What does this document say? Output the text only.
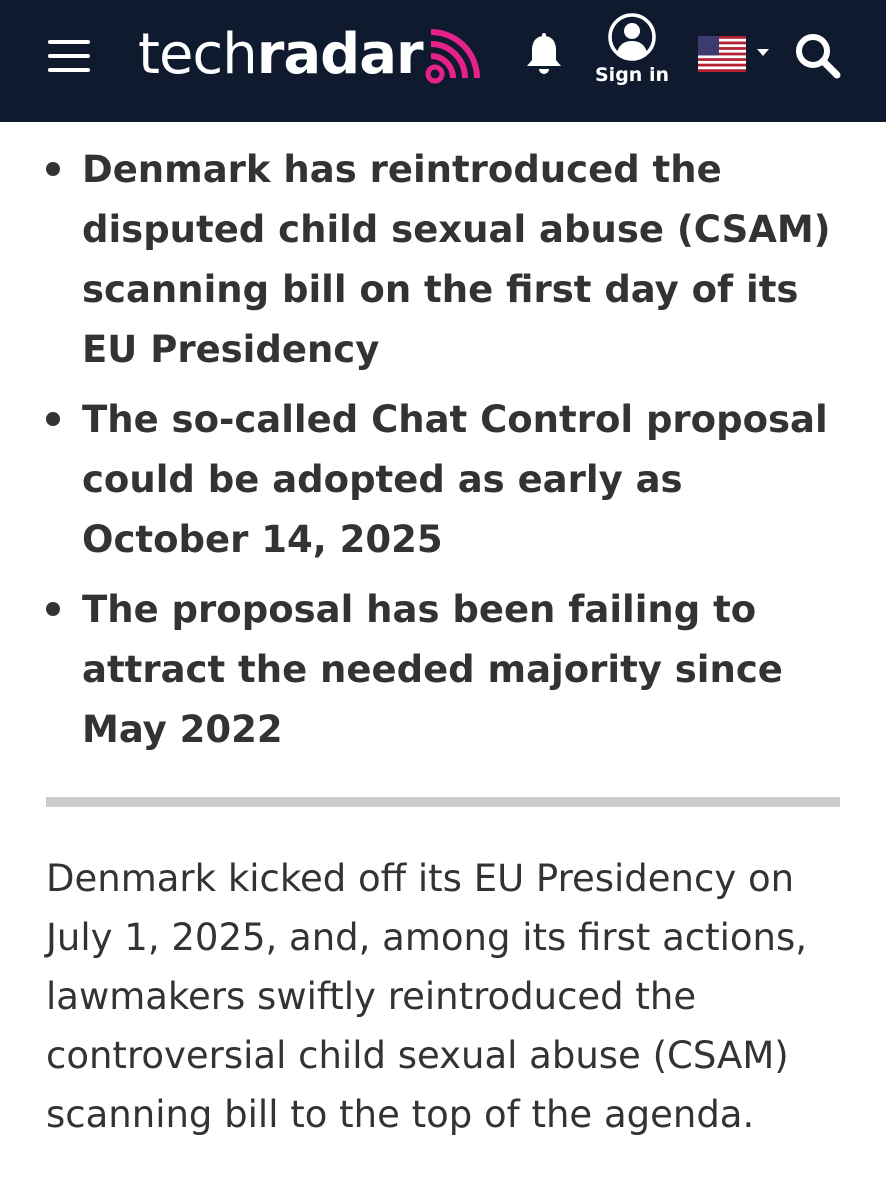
tech radar	Sign in
Denmark has reintroduced the disputed child sexual abuse (CSAM) scanning bill on the first day of its EU Presidency
The so-called Chat Control proposal could be adopted as early as October 14, 2025
The proposal has been failing to attract the needed majority since May 2022

Denmark kicked off its EU Presidency on July 1, 2025, and, among its first actions, lawmakers swiftly reintroduced the controversial child sexual abuse (CSAM) scanning bill to the top of the agenda.
